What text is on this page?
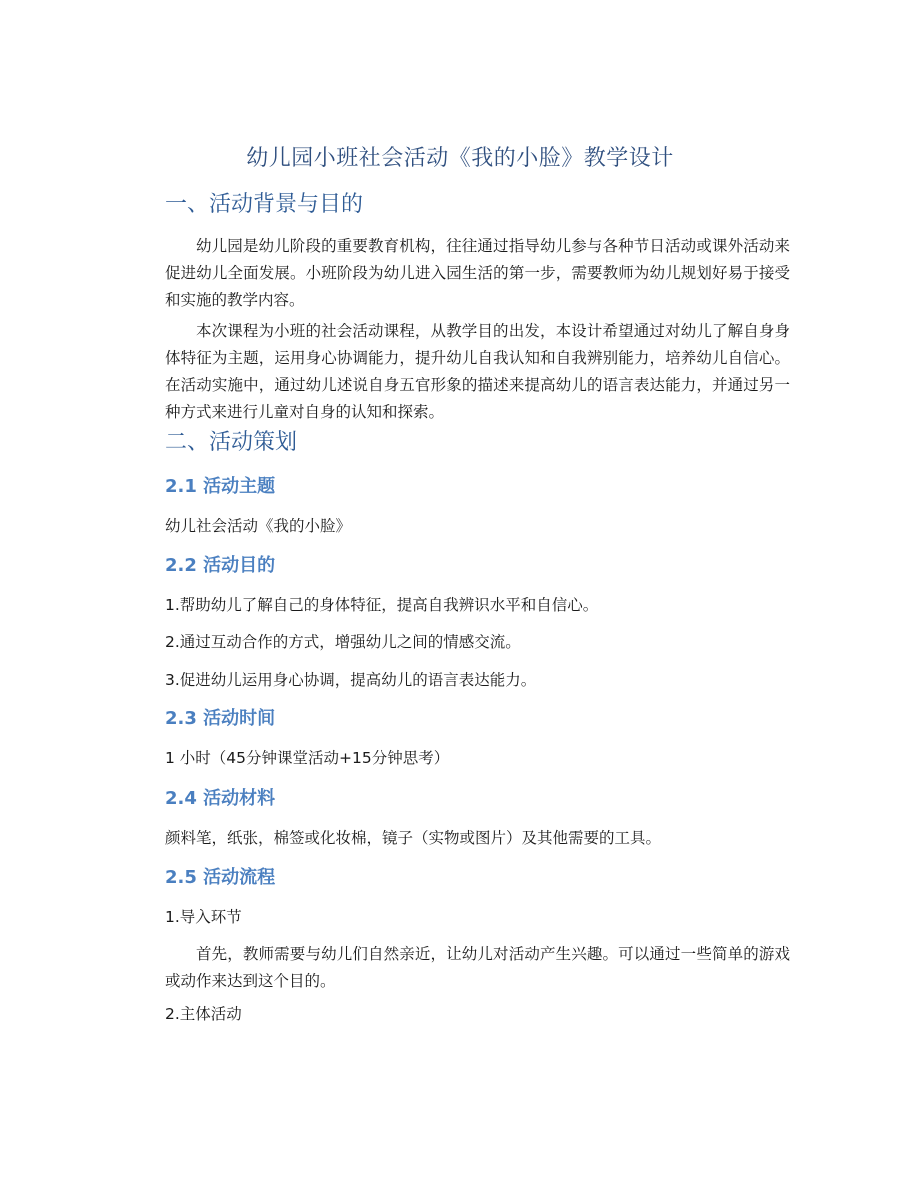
幼儿园小班社会活动《我的小脸》教学设计
一、活动背景与目的
幼儿园是幼儿阶段的重要教育机构，往往通过指导幼儿参与各种节日活动或课外活动来促进幼儿全面发展。小班阶段为幼儿进入园生活的第一步，需要教师为幼儿规划好易于接受和实施的教学内容。
本次课程为小班的社会活动课程，从教学目的出发，本设计希望通过对幼儿了解自身身体特征为主题，运用身心协调能力，提升幼儿自我认知和自我辨别能力，培养幼儿自信心。在活动实施中，通过幼儿述说自身五官形象的描述来提高幼儿的语言表达能力，并通过另一种方式来进行儿童对自身的认知和探索。
二、活动策划
2.1 活动主题
幼儿社会活动《我的小脸》
2.2 活动目的
1.帮助幼儿了解自己的身体特征，提高自我辨识水平和自信心。
2.通过互动合作的方式，增强幼儿之间的情感交流。
3.促进幼儿运用身心协调，提高幼儿的语言表达能力。
2.3 活动时间
1 小时（45分钟课堂活动+15分钟思考）
2.4 活动材料
颜料笔，纸张，棉签或化妆棉，镜子（实物或图片）及其他需要的工具。
2.5 活动流程
1.导入环节
首先，教师需要与幼儿们自然亲近，让幼儿对活动产生兴趣。可以通过一些简单的游戏或动作来达到这个目的。
2.主体活动
